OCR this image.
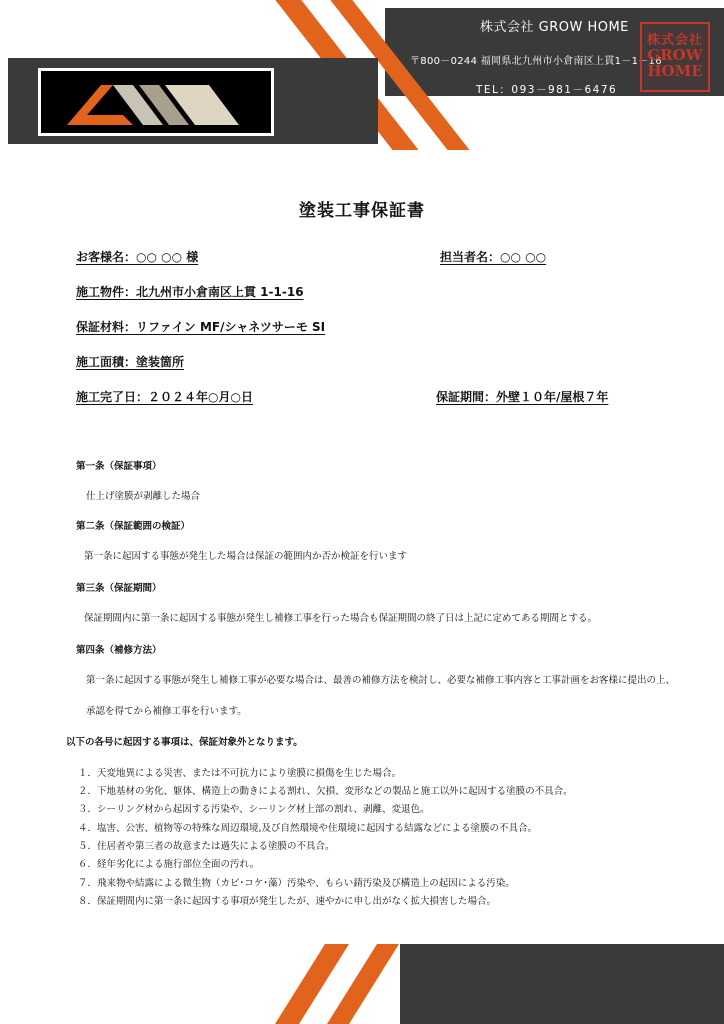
株式会社 GROW HOME
〒800－0244 福岡県北九州市小倉南区上貫1－1－16
TEL：093－981－6476
株式会社
GROW
HOME
塗装工事保証書
お客様名：○○ ○○ 様	担当者名：○○ ○○
施工物件：北九州市小倉南区上貫 1-1-16
保証材料：リファイン MF/シャネツサーモ SI
施工面積：塗装箇所
施工完了日：２０２４年○月○日	保証期間：外壁１０年/屋根７年
第一条（保証事項）
仕上げ塗膜が剥離した場合
第二条（保証範囲の検証）
第一条に起因する事態が発生した場合は保証の範囲内か否か検証を行います
第三条（保証期間）
保証期間内に第一条に起因する事態が発生し補修工事を行った場合も保証期間の終了日は上記に定めてある期間とする。
第四条（補修方法）
第一条に起因する事態が発生し補修工事が必要な場合は、最善の補修方法を検討し、必要な補修工事内容と工事計画をお客様に提出の上、
承認を得てから補修工事を行います。
以下の各号に起因する事項は、保証対象外となります。
１．天変地異による災害、または不可抗力により塗膜に損傷を生じた場合。
２．下地基材の劣化、躯体、構造上の動きによる割れ、欠損、変形などの製品と施工以外に起因する塗膜の不具合。
３．シーリング材から起因する汚染や、シーリング材上部の割れ、剥離、変退色。
４．塩害、公害、植物等の特殊な周辺環境,及び自然環境や住環境に起因する結露などによる塗膜の不具合。
５．住居者や第三者の故意または過失による塗膜の不具合。
６．経年劣化による施行部位全面の汚れ。
７．飛来物や結露による微生物（カビ･コケ･藻）汚染や、もらい錆汚染及び構造上の起因による汚染。
８．保証期間内に第一条に起因する事項が発生したが、速やかに申し出がなく拡大損害した場合。
